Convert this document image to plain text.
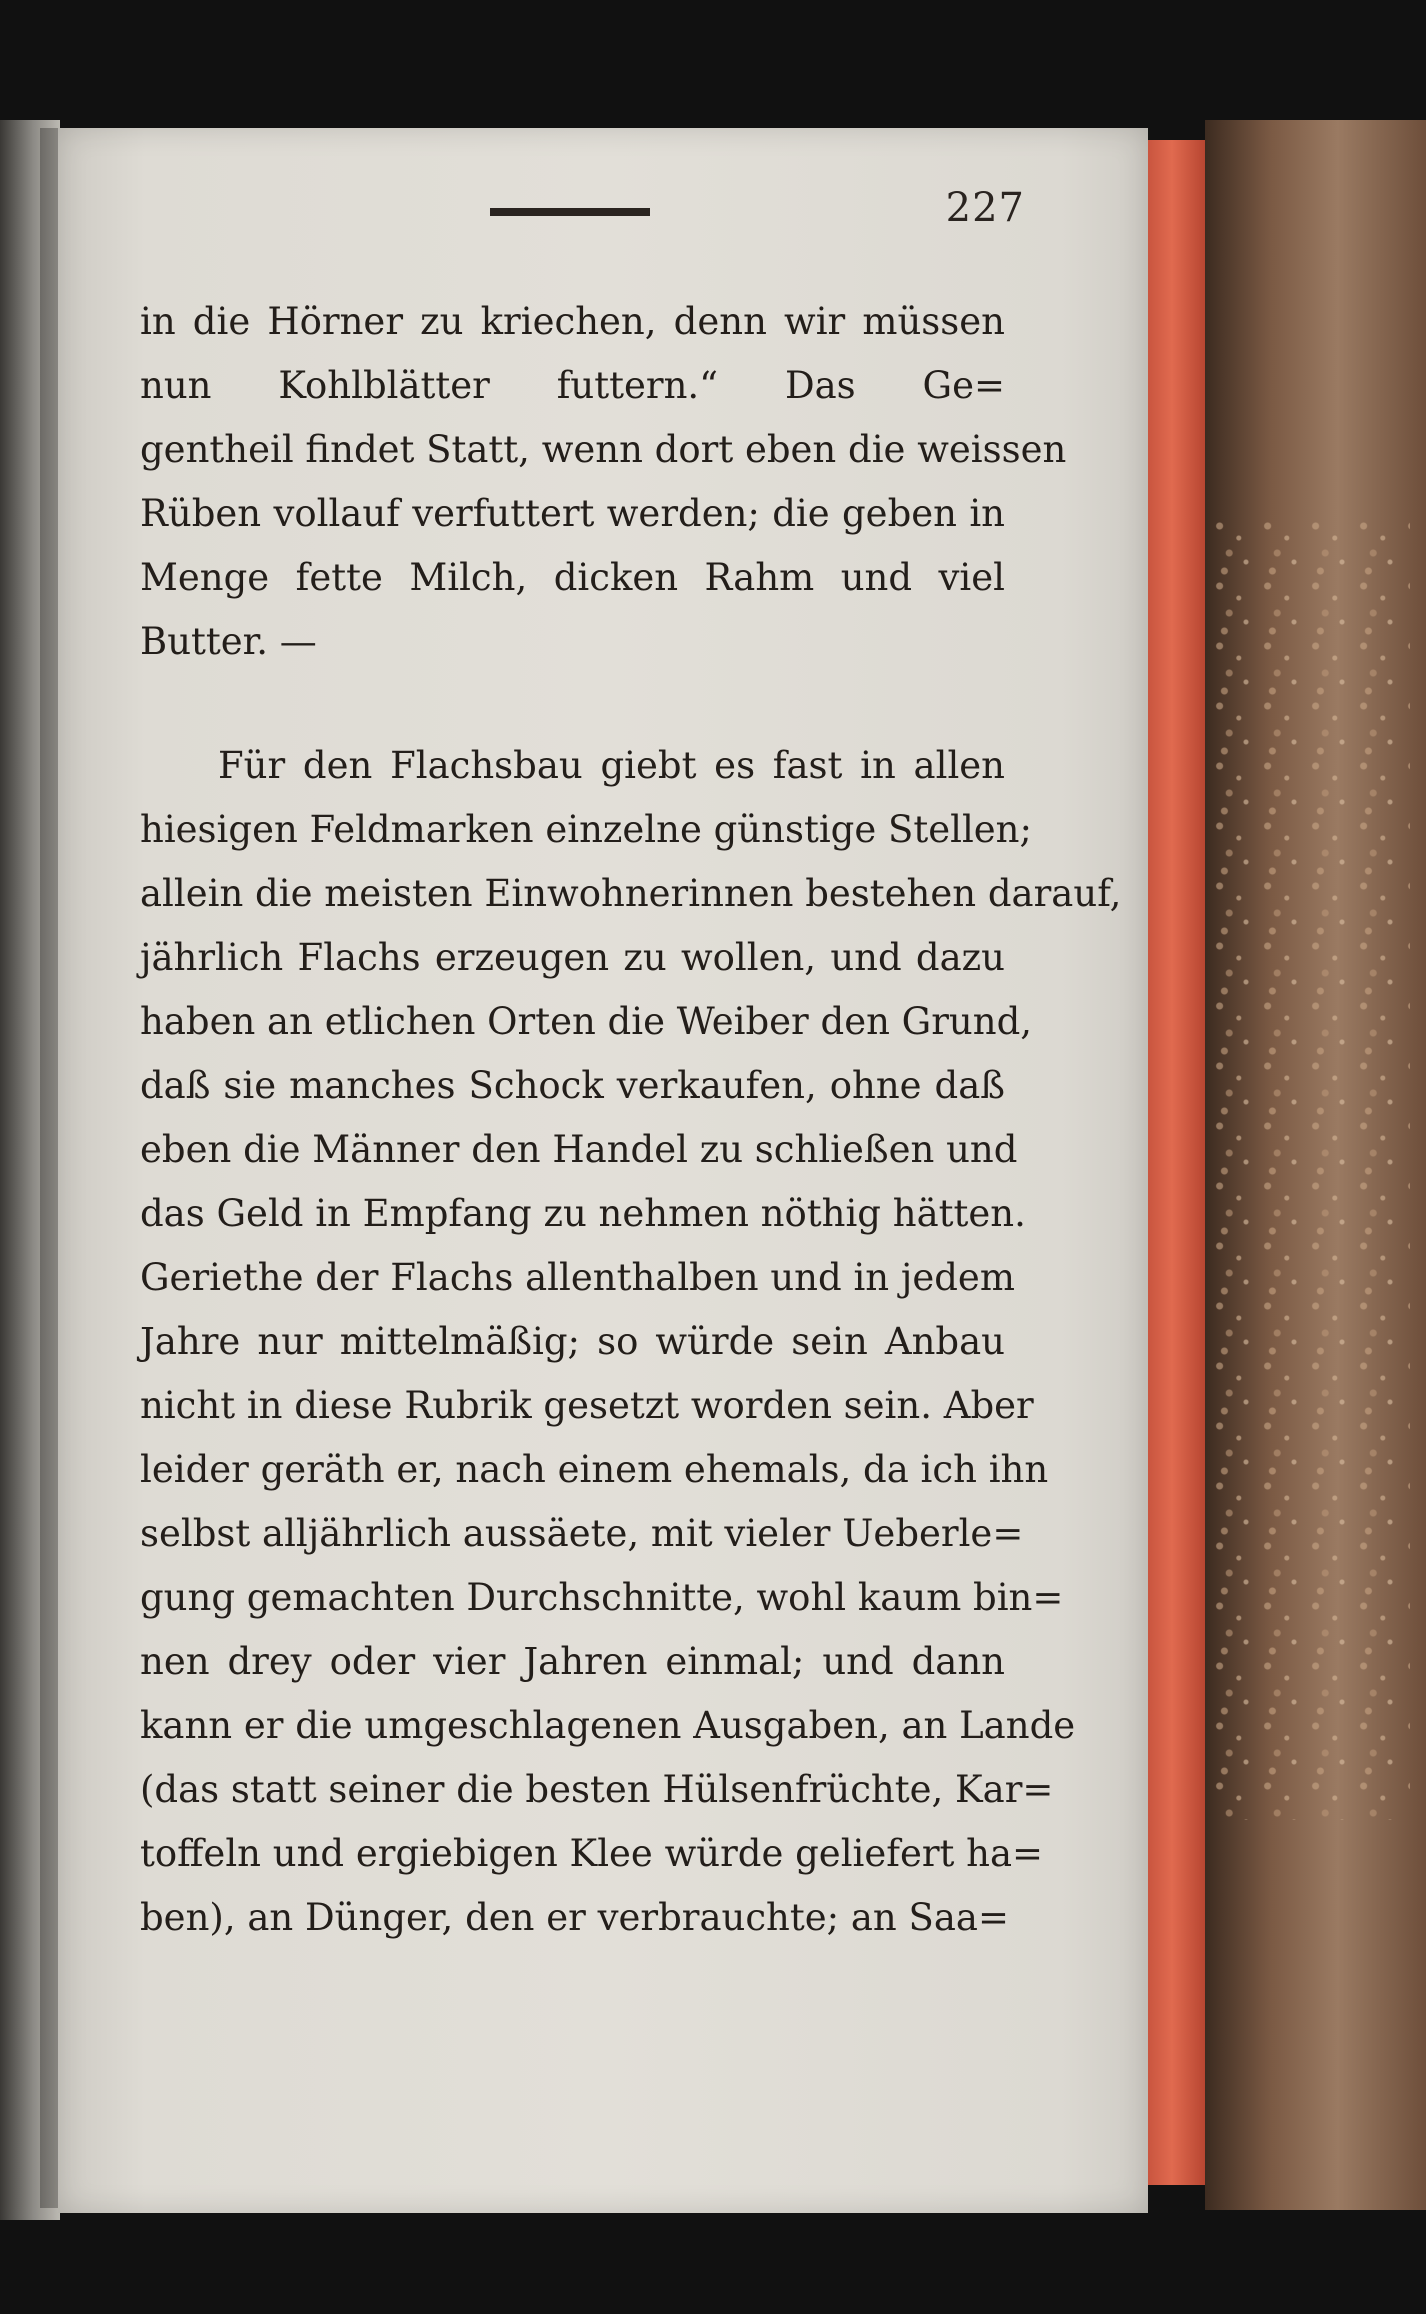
227
in die Hörner zu kriechen, denn wir müssen
nun Kohlblätter futtern.“ Das Ge=
gentheil findet Statt, wenn dort eben die weissen
Rüben vollauf verfuttert werden; die geben in
Menge fette Milch, dicken Rahm und viel
Butter. —
Für den Flachsbau giebt es fast in allen
hiesigen Feldmarken einzelne günstige Stellen;
allein die meisten Einwohnerinnen bestehen darauf,
jährlich Flachs erzeugen zu wollen, und dazu
haben an etlichen Orten die Weiber den Grund,
daß sie manches Schock verkaufen, ohne daß
eben die Männer den Handel zu schließen und
das Geld in Empfang zu nehmen nöthig hätten.
Geriethe der Flachs allenthalben und in jedem
Jahre nur mittelmäßig; so würde sein Anbau
nicht in diese Rubrik gesetzt worden sein. Aber
leider geräth er, nach einem ehemals, da ich ihn
selbst alljährlich aussäete, mit vieler Ueberle=
gung gemachten Durchschnitte, wohl kaum bin=
nen drey oder vier Jahren einmal; und dann
kann er die umgeschlagenen Ausgaben, an Lande
(das statt seiner die besten Hülsenfrüchte, Kar=
toffeln und ergiebigen Klee würde geliefert ha=
ben), an Dünger, den er verbrauchte; an Saa=
